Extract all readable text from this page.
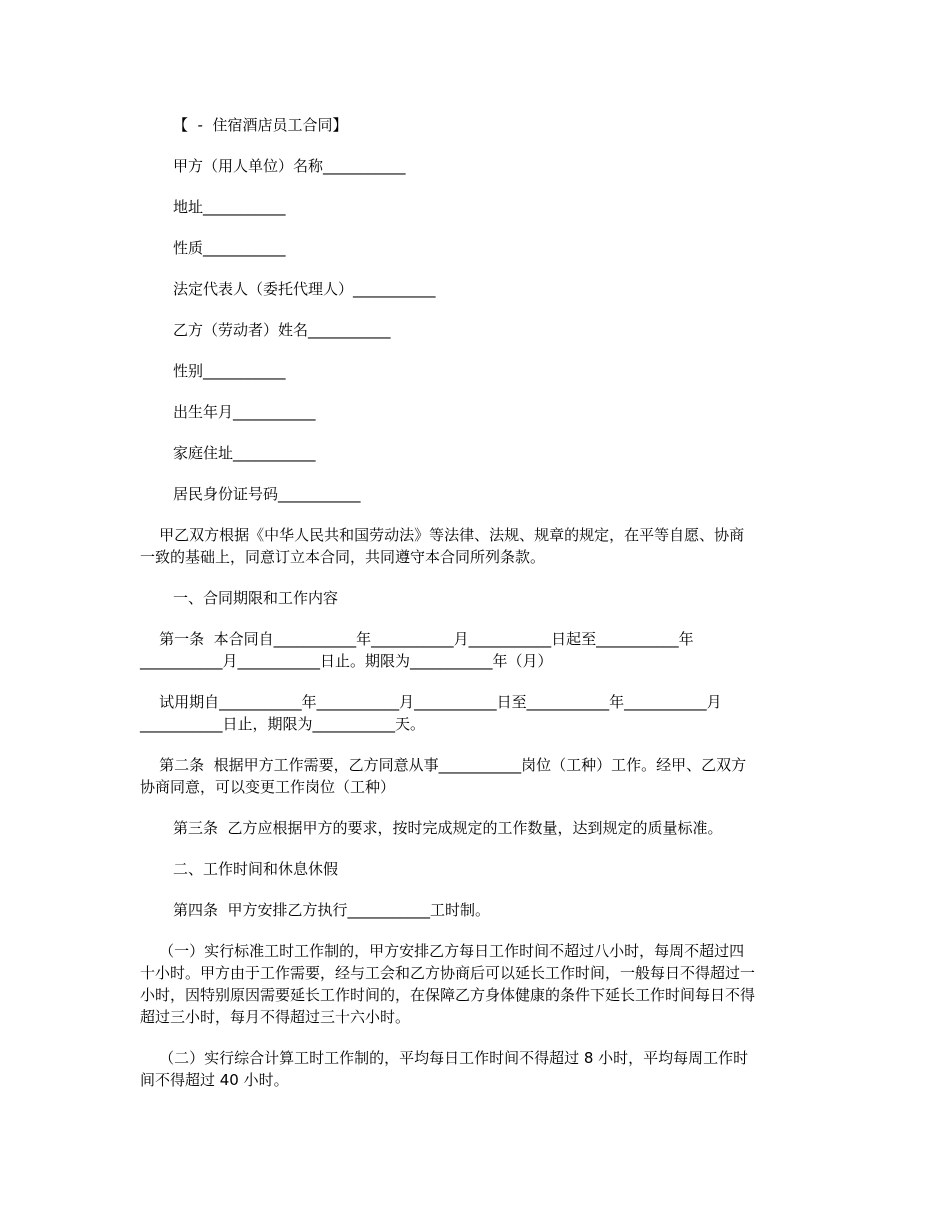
【  -  住宿酒店员工合同】
甲方（用人单位）名称___________
地址___________
性质___________
法定代表人（委托代理人）___________
乙方（劳动者）姓名___________
性别___________
出生年月___________
家庭住址___________
居民身份证号码___________
甲乙双方根据《中华人民共和国劳动法》等法律、法规、规章的规定，在平等自愿、协商
一致的基础上，同意订立本合同，共同遵守本合同所列条款。
一、合同期限和工作内容
第一条  本合同自___________年___________月___________日起至___________年
___________月___________日止。期限为___________年（月）
试用期自___________年___________月___________日至___________年___________月
___________日止，期限为___________天。
第二条  根据甲方工作需要，乙方同意从事___________岗位（工种）工作。经甲、乙双方
协商同意，可以变更工作岗位（工种）
第三条  乙方应根据甲方的要求，按时完成规定的工作数量，达到规定的质量标准。
二、工作时间和休息休假
第四条  甲方安排乙方执行___________工时制。
（一）实行标准工时工作制的，甲方安排乙方每日工作时间不超过八小时，每周不超过四
十小时。甲方由于工作需要，经与工会和乙方协商后可以延长工作时间，一般每日不得超过一
小时，因特别原因需要延长工作时间的，在保障乙方身体健康的条件下延长工作时间每日不得
超过三小时，每月不得超过三十六小时。
（二）实行综合计算工时工作制的，平均每日工作时间不得超过 8 小时，平均每周工作时
间不得超过 40 小时。
